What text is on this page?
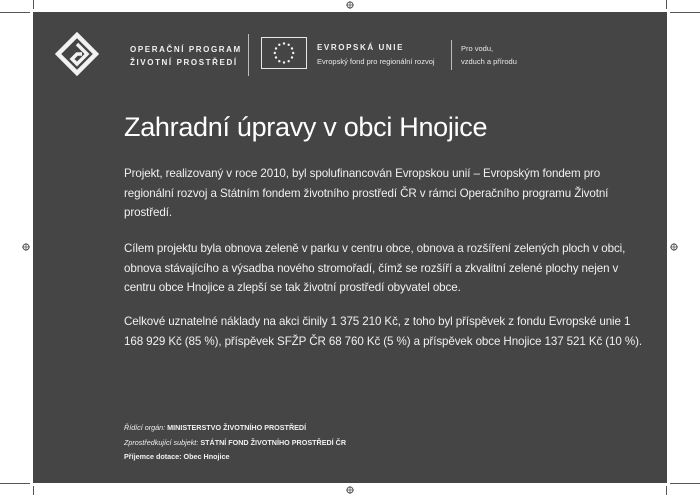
OPERAČNÍ PROGRAM
ŽIVOTNÍ PROSTŘEDÍ
EVROPSKÁ UNIE
Evropský fond pro regionální rozvoj
Pro vodu,
vzduch a přírodu
Zahradní úpravy v obci Hnojice

Projekt, realizovaný v roce 2010, byl spolufinancován Evropskou unií – Evropským fondem pro regionální rozvoj a Státním fondem životního prostředí ČR v rámci Operačního programu Životní prostředí.

Cílem projektu byla obnova zeleně v parku v centru obce, obnova a rozšíření zelených ploch v obci, obnova stávajícího a výsadba nového stromořadí, čímž se rozšíří a zkvalitní zelené plochy nejen v centru obce Hnojice a zlepší se tak životní prostředí obyvatel obce.

Celkové uznatelné náklady na akci činily 1 375 210 Kč, z toho byl příspěvek z fondu Evropské unie 1 168 929 Kč (85 %), příspěvek SFŽP ČR 68 760 Kč (5 %) a příspěvek obce Hnojice 137 521 Kč (10 %).

Řídící orgán: MINISTERSTVO ŽIVOTNÍHO PROSTŘEDÍ
Zprostředkující subjekt: STÁTNÍ FOND ŽIVOTNÍHO PROSTŘEDÍ ČR
Příjemce dotace: Obec Hnojice
